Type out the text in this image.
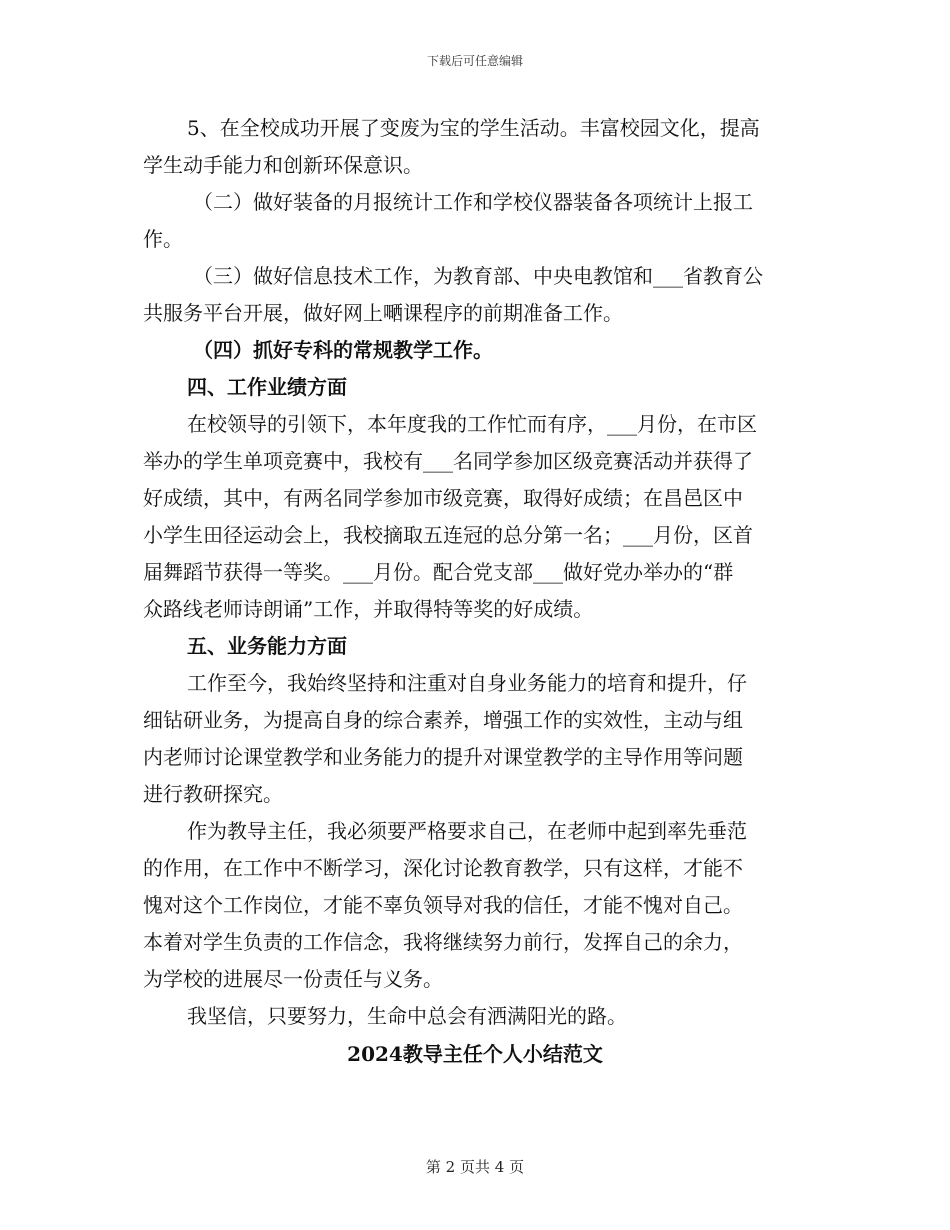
下载后可任意编辑
5、在全校成功开展了变废为宝的学生活动。丰富校园文化，提高
学生动手能力和创新环保意识。
（二）做好装备的月报统计工作和学校仪器装备各项统计上报工
作。
（三）做好信息技术工作，为教育部、中央电教馆和___省教育公
共服务平台开展，做好网上嗮课程序的前期准备工作。
（四）抓好专科的常规教学工作。
四、工作业绩方面
在校领导的引领下，本年度我的工作忙而有序，___月份，在市区
举办的学生单项竞赛中，我校有___名同学参加区级竞赛活动并获得了
好成绩，其中，有两名同学参加市级竞赛，取得好成绩；在昌邑区中
小学生田径运动会上，我校摘取五连冠的总分第一名；___月份，区首
届舞蹈节获得一等奖。___月份。配合党支部___做好党办举办的“群
众路线老师诗朗诵”工作，并取得特等奖的好成绩。
五、业务能力方面
工作至今，我始终坚持和注重对自身业务能力的培育和提升，仔
细钻研业务，为提高自身的综合素养，增强工作的实效性，主动与组
内老师讨论课堂教学和业务能力的提升对课堂教学的主导作用等问题
进行教研探究。
作为教导主任，我必须要严格要求自己，在老师中起到率先垂范
的作用，在工作中不断学习，深化讨论教育教学，只有这样，才能不
愧对这个工作岗位，才能不辜负领导对我的信任，才能不愧对自己。
本着对学生负责的工作信念，我将继续努力前行，发挥自己的余力，
为学校的进展尽一份责任与义务。
我坚信，只要努力，生命中总会有洒满阳光的路。
2024教导主任个人小结范文
第 2 页共 4 页
